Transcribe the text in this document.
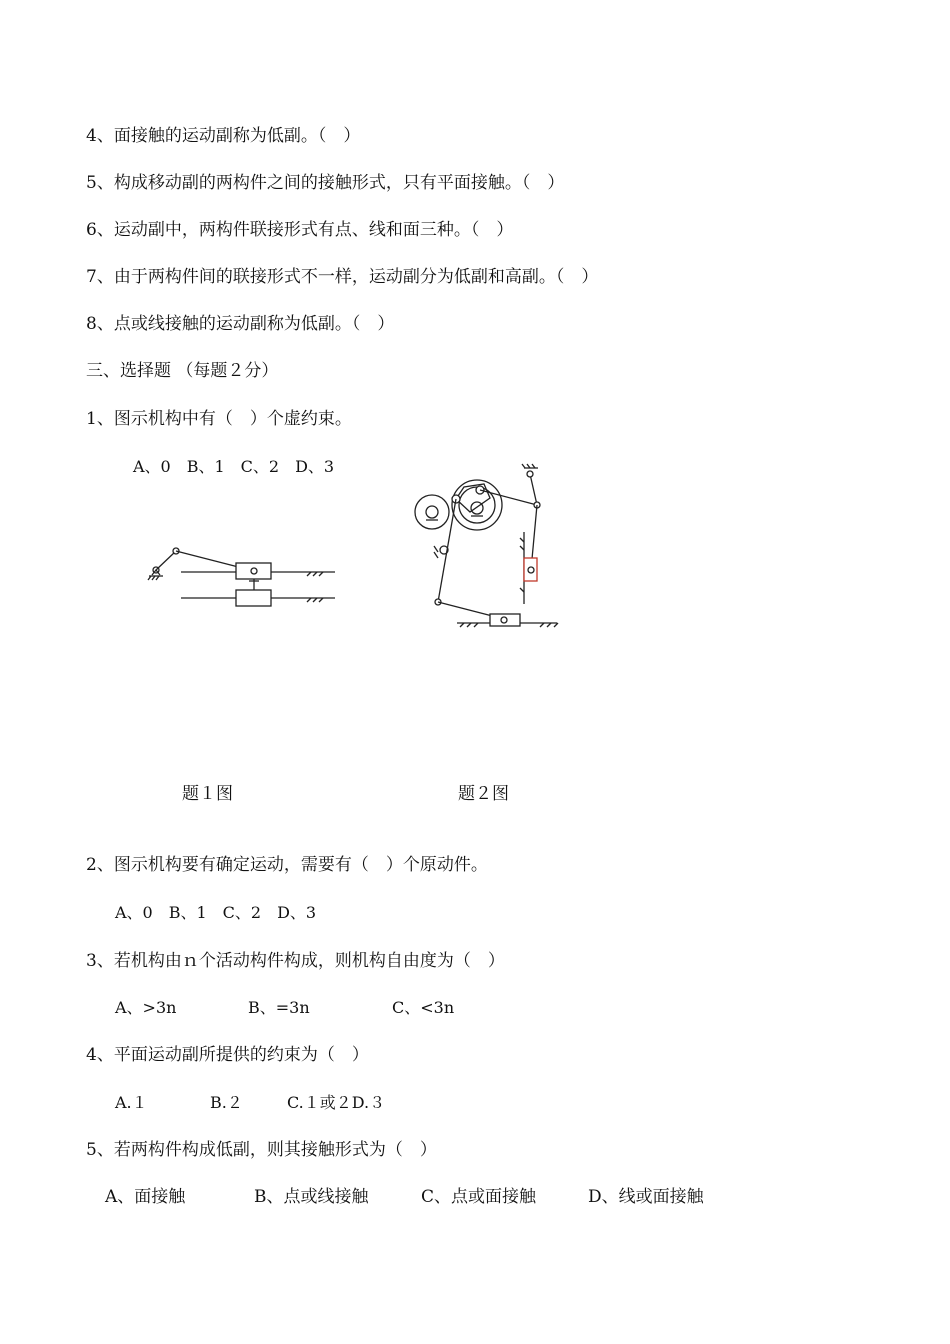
4、面接触的运动副称为低副。（　）
5、构成移动副的两构件之间的接触形式，只有平面接触。（　）
6、运动副中，两构件联接形式有点、线和面三种。（　）
7、由于两构件间的联接形式不一样，运动副分为低副和高副。（　）
8、点或线接触的运动副称为低副。（　）
三、选择题 （每题２分）
1、图示机构中有（　）个虚约束。
A、0　B、1　C、2　D、3
题１图	题２图
2、图示机构要有确定运动，需要有（　）个原动件。
A、0　B、1　C、2　D、3
3、若机构由ｎ个活动构件构成，则机构自由度为（　）
A、>3n	B、=3n	C、<3n
4、平面运动副所提供的约束为（　）
A.１	B.２	C.１或２D.３
5、若两构件构成低副，则其接触形式为（　）
A、面接触	B、点或线接触	C、点或面接触	D、线或面接触
